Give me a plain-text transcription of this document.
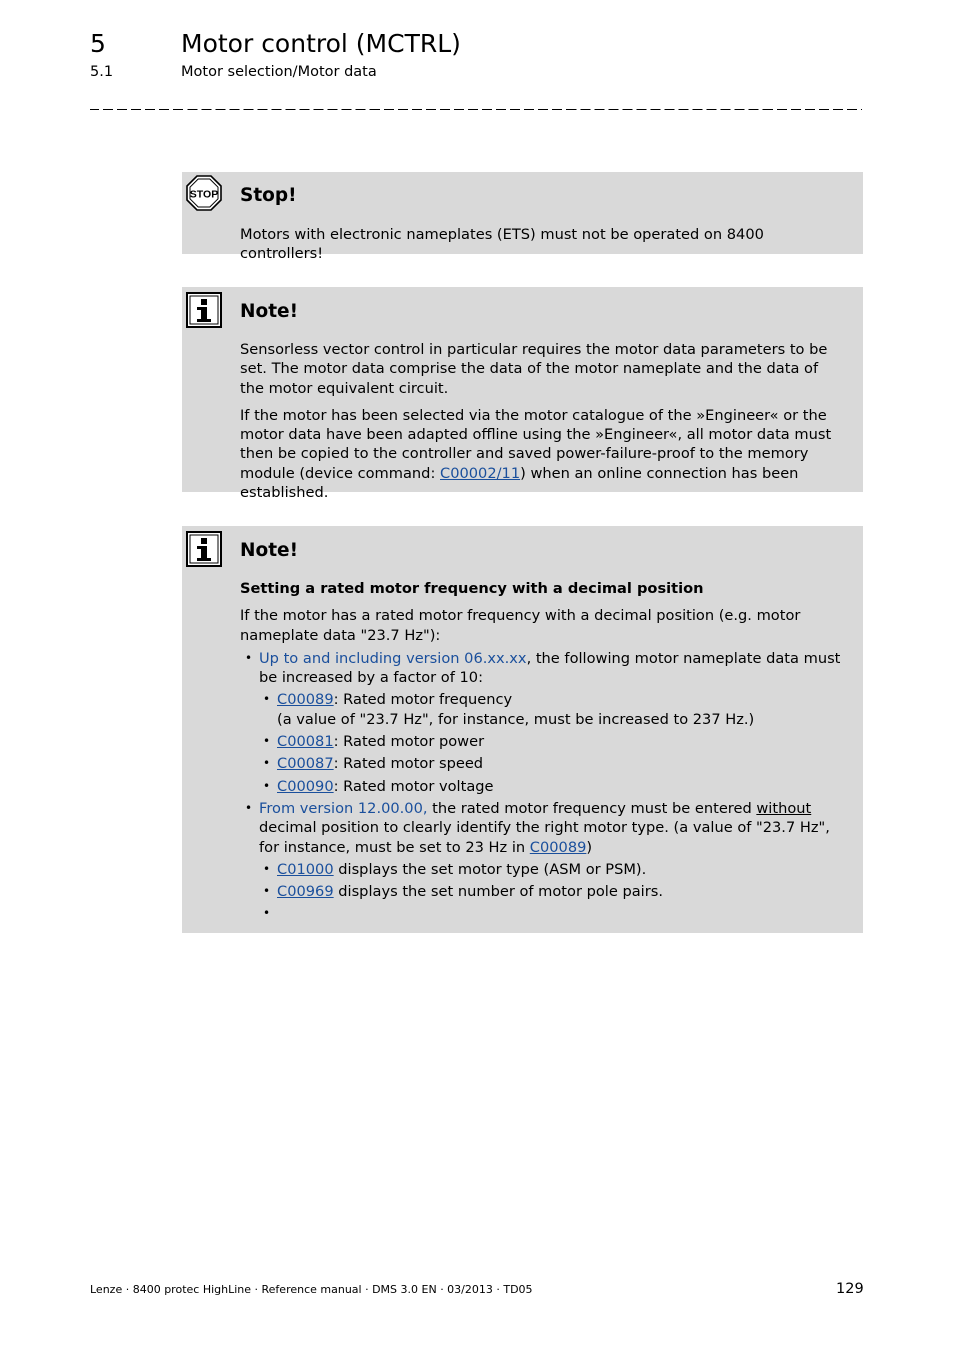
5	Motor control (MCTRL)
5.1	Motor selection/Motor data
STOP Stop!
Motors with electronic nameplates (ETS) must not be operated on 8400 controllers!
Note!

Sensorless vector control in particular requires the motor data parameters to be set. The motor data comprise the data of the motor nameplate and the data of the motor equivalent circuit.

If the motor has been selected via the motor catalogue of the »Engineer« or the motor data have been adapted offline using the »Engineer«, all motor data must then be copied to the controller and saved power-failure-proof to the memory module (device command: C00002/11) when an online connection has been established.

Note!

Setting a rated motor frequency with a decimal position

If the motor has a rated motor frequency with a decimal position (e.g. motor nameplate data "23.7 Hz"):

• Up to and including version 06.xx.xx, the following motor nameplate data must be increased by a factor of 10:
• C00089: Rated motor frequency
(a value of "23.7 Hz", for instance, must be increased to 237 Hz.)
• C00081: Rated motor power
• C00087: Rated motor speed
• C00090: Rated motor voltage
• From version 12.00.00, the rated motor frequency must be entered without decimal position to clearly identify the right motor type. (a value of "23.7 Hz", for instance, must be set to 23 Hz in C00089)
• C01000 displays the set motor type (ASM or PSM).
• C00969 displays the set number of motor pole pairs.
•
Lenze · 8400 protec HighLine · Reference manual · DMS 3.0 EN · 03/2013 · TD05	129
